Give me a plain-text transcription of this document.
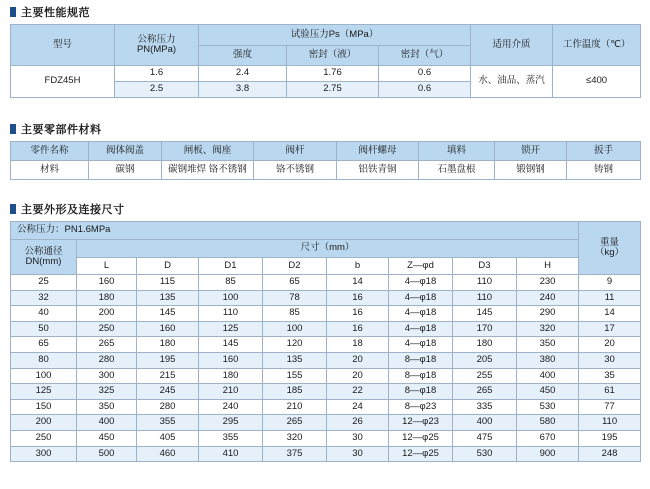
主要性能规范
型号	公称压力
PN(MPa)	试验压力Ps（MPa）			适用介质	工作温度（℃）
		强度	密封（液）	密封（气）		
FDZ45H	1.6	2.4	1.76	0.6	水、油品、蒸汽	≤400
	2.5	3.8	2.75	0.6		
主要零部件材料
零件名称	阀体阀盖	闸板、阀座	阀杆	阀杆螺母	填料	锁开	扳手
材料	碳钢	碳钢堆焊 铬不锈钢	铬不锈钢	铝铁青铜	石墨盘根	锻钢钢	铸钢
主要外形及连接尺寸
公称压力：PN1.6MPa									重量
（kg）

公称通径
DN(mm)	尺寸（mm）								
	L	D	D1	D2	b	Z—φd	D3	H	
25	160	115	85	65	14	4—φ18	110	230	9
32	180	135	100	78	16	4—φ18	110	240	11
40	200	145	110	85	16	4—φ18	145	290	14
50	250	160	125	100	16	4—φ18	170	320	17
65	265	180	145	120	18	4—φ18	180	350	20
80	280	195	160	135	20	8—φ18	205	380	30
100	300	215	180	155	20	8—φ18	255	400	35
125	325	245	210	185	22	8—φ18	265	450	61
150	350	280	240	210	24	8—φ23	335	530	77
200	400	355	295	265	26	12—φ23	400	580	110
250	450	405	355	320	30	12—φ25	475	670	195
300	500	460	410	375	30	12—φ25	530	900	248
